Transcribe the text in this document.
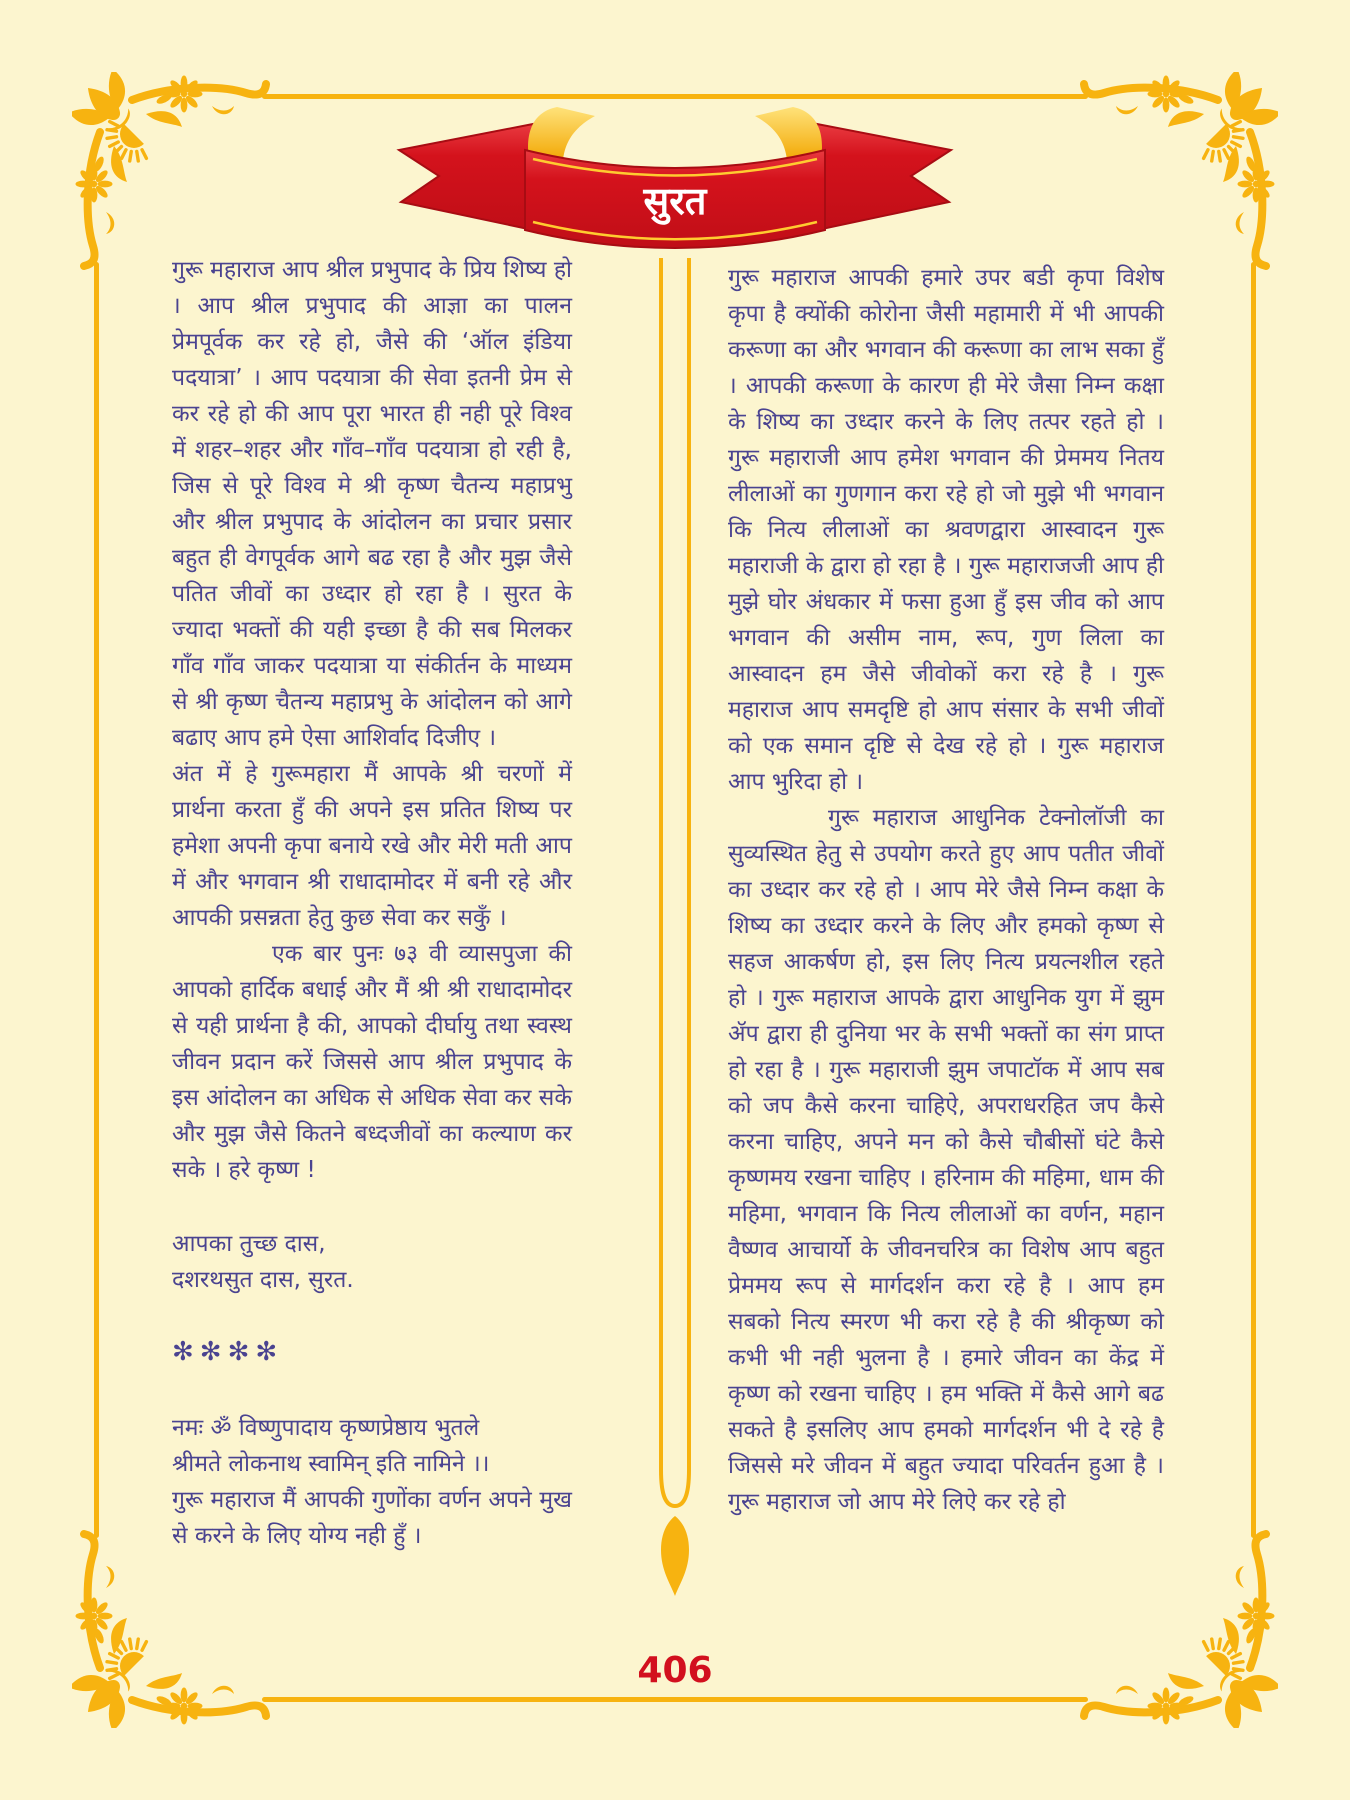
सुरत

गुरू महाराज आप श्रील प्रभुपाद के प्रिय शिष्य हो । आप श्रील प्रभुपाद की आज्ञा का पालन प्रेमपूर्वक कर रहे हो, जैसे की ‘ऑल इंडिया पदयात्रा’ । आप पदयात्रा की सेवा इतनी प्रेम से कर रहे हो की आप पूरा भारत ही नही पूरे विश्व में शहर–शहर और गाँव–गाँव पदयात्रा हो रही है, जिस से पूरे विश्व मे श्री कृष्ण चैतन्य महाप्रभु और श्रील प्रभुपाद के आंदोलन का प्रचार प्रसार बहुत ही वेगपूर्वक आगे बढ रहा है और मुझ जैसे पतित जीवों का उध्दार हो रहा है । सुरत के ज्यादा भक्तों की यही इच्छा है की सब मिलकर गाँव गाँव जाकर पदयात्रा या संकीर्तन के माध्यम से श्री कृष्ण चैतन्य महाप्रभु के आंदोलन को आगे बढाए आप हमे ऐसा आशिर्वाद दिजीए ।

अंत में हे गुरूमहारा मैं आपके श्री चरणों में प्रार्थना करता हुँ की अपने इस प्रतित शिष्य पर हमेशा अपनी कृपा बनाये रखे और मेरी मती आप में और भगवान श्री राधादामोदर में बनी रहे और आपकी प्रसन्नता हेतु कुछ सेवा कर सकुँ ।

एक बार पुनः ७३ वी व्यासपुजा की आपको हार्दिक बधाई और मैं श्री श्री राधादामोदर से यही प्रार्थना है की, आपको दीर्घायु तथा स्वस्थ जीवन प्रदान करें जिससे आप श्रील प्रभुपाद के इस आंदोलन का अधिक से अधिक सेवा कर सके और मुझ जैसे कितने बध्दजीवों का कल्याण कर सके । हरे कृष्ण !

आपका तुच्छ दास,
दशरथसुत दास, सुरत.
✻✻✻✻
नमः ॐ विष्णुपादाय कृष्णप्रेष्ठाय भुतले
श्रीमते लोकनाथ स्वामिन् इति नामिने ।।

गुरू महाराज मैं आपकी गुणोंका वर्णन अपने मुख से करने के लिए योग्य नही हुँ ।

गुरू महाराज आपकी हमारे उपर बडी कृपा विशेष कृपा है क्योंकी कोरोना जैसी महामारी में भी आपकी करूणा का और भगवान की करूणा का लाभ सका हुँ । आपकी करूणा के कारण ही मेरे जैसा निम्न कक्षा के शिष्य का उध्दार करने के लिए तत्पर रहते हो । गुरू महाराजी आप हमेश भगवान की प्रेममय नितय लीलाओं का गुणगान करा रहे हो जो मुझे भी भगवान कि नित्य लीलाओं का श्रवणद्वारा आस्वादन गुरू महाराजी के द्वारा हो रहा है । गुरू महाराजजी आप ही मुझे घोर अंधकार में फसा हुआ हुँ इस जीव को आप भगवान की असीम नाम, रूप, गुण लिला का आस्वादन हम जैसे जीवोकों करा रहे है । गुरू महाराज आप समदृष्टि हो आप संसार के सभी जीवों को एक समान दृष्टि से देख रहे हो । गुरू महाराज आप भुरिदा हो ।

गुरू महाराज आधुनिक टेक्नोलॉजी का सुव्यस्थित हेतु से उपयोग करते हुए आप पतीत जीवों का उध्दार कर रहे हो । आप मेरे जैसे निम्न कक्षा के शिष्य का उध्दार करने के लिए और हमको कृष्ण से सहज आकर्षण हो, इस लिए नित्य प्रयत्नशील रहते हो । गुरू महाराज आपके द्वारा आधुनिक युग में झुम ॲप द्वारा ही दुनिया भर के सभी भक्तों का संग प्राप्त हो रहा है । गुरू महाराजी झुम जपाटॉक में आप सब को जप कैसे करना चाहिऐ, अपराधरहित जप कैसे करना चाहिए, अपने मन को कैसे चौबीसों घंटे कैसे कृष्णमय रखना चाहिए । हरिनाम की महिमा, धाम की महिमा, भगवान कि नित्य लीलाओं का वर्णन, महान वैष्णव आचार्यो के जीवनचरित्र का विशेष आप बहुत प्रेममय रूप से मार्गदर्शन करा रहे है । आप हम सबको नित्य स्मरण भी करा रहे है की श्रीकृष्ण को कभी भी नही भुलना है । हमारे जीवन का केंद्र में कृष्ण को रखना चाहिए । हम भक्ति में कैसे आगे बढ सकते है इसलिए आप हमको मार्गदर्शन भी दे रहे है जिससे मरे जीवन में बहुत ज्यादा परिवर्तन हुआ है । गुरू महाराज जो आप मेरे लिऐ कर रहे हो

406
